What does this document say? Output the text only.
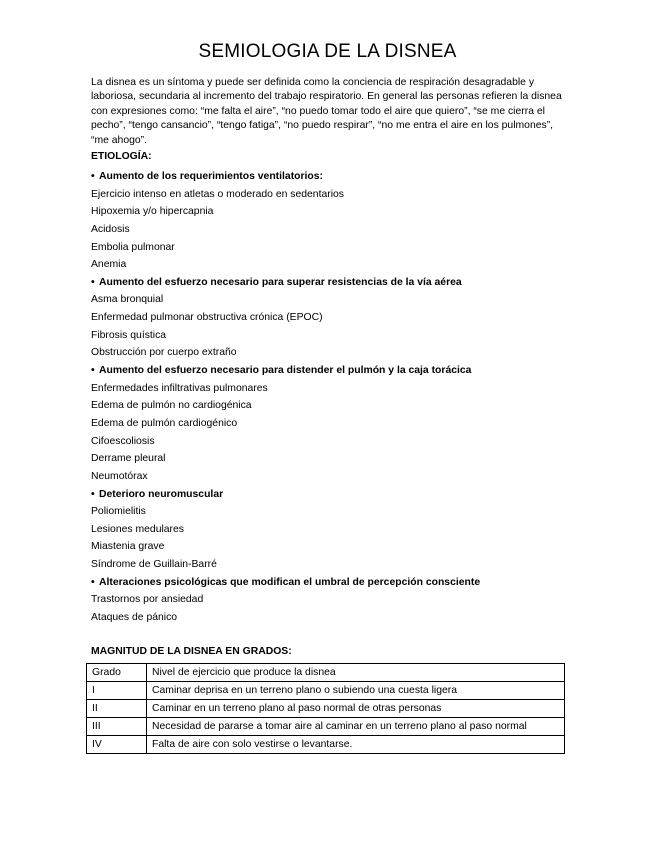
SEMIOLOGIA DE LA DISNEA
La disnea es un síntoma y puede ser definida como la conciencia de respiración desagradable y laboriosa, secundaria al incremento del trabajo respiratorio. En general las personas refieren la disnea con expresiones como: “me falta el aire”, “no puedo tomar todo el aire que quiero”, “se me cierra el pecho”, “tengo cansancio”, “tengo fatiga”, “no puedo respirar”, “no me entra el aire en los pulmones”, “me ahogo”.
ETIOLOGÍA:
• Aumento de los requerimientos ventilatorios:
Ejercicio intenso en atletas o moderado en sedentarios
Hipoxemia y/o hipercapnia
Acidosis
Embolia pulmonar
Anemia
• Aumento del esfuerzo necesario para superar resistencias de la vía aérea
Asma bronquial
Enfermedad pulmonar obstructiva crónica (EPOC)
Fibrosis quística
Obstrucción por cuerpo extraño
• Aumento del esfuerzo necesario para distender el pulmón y la caja torácica
Enfermedades infiltrativas pulmonares
Edema de pulmón no cardiogénica
Edema de pulmón cardiogénico
Cifoescoliosis
Derrame pleural
Neumotórax
• Deterioro neuromuscular
Poliomielitis
Lesiones medulares
Miastenia grave
Síndrome de Guillain-Barré
• Alteraciones psicológicas que modifican el umbral de percepción consciente
Trastornos por ansiedad
Ataques de pánico
MAGNITUD DE LA DISNEA EN GRADOS:
Grado	Nivel de ejercicio que produce la disnea
I	Caminar deprisa en un terreno plano o subiendo una cuesta ligera
II	Caminar en un terreno plano al paso normal de otras personas
III	Necesidad de pararse a tomar aire al caminar en un terreno plano al paso normal
IV	Falta de aire con solo vestirse o levantarse.
